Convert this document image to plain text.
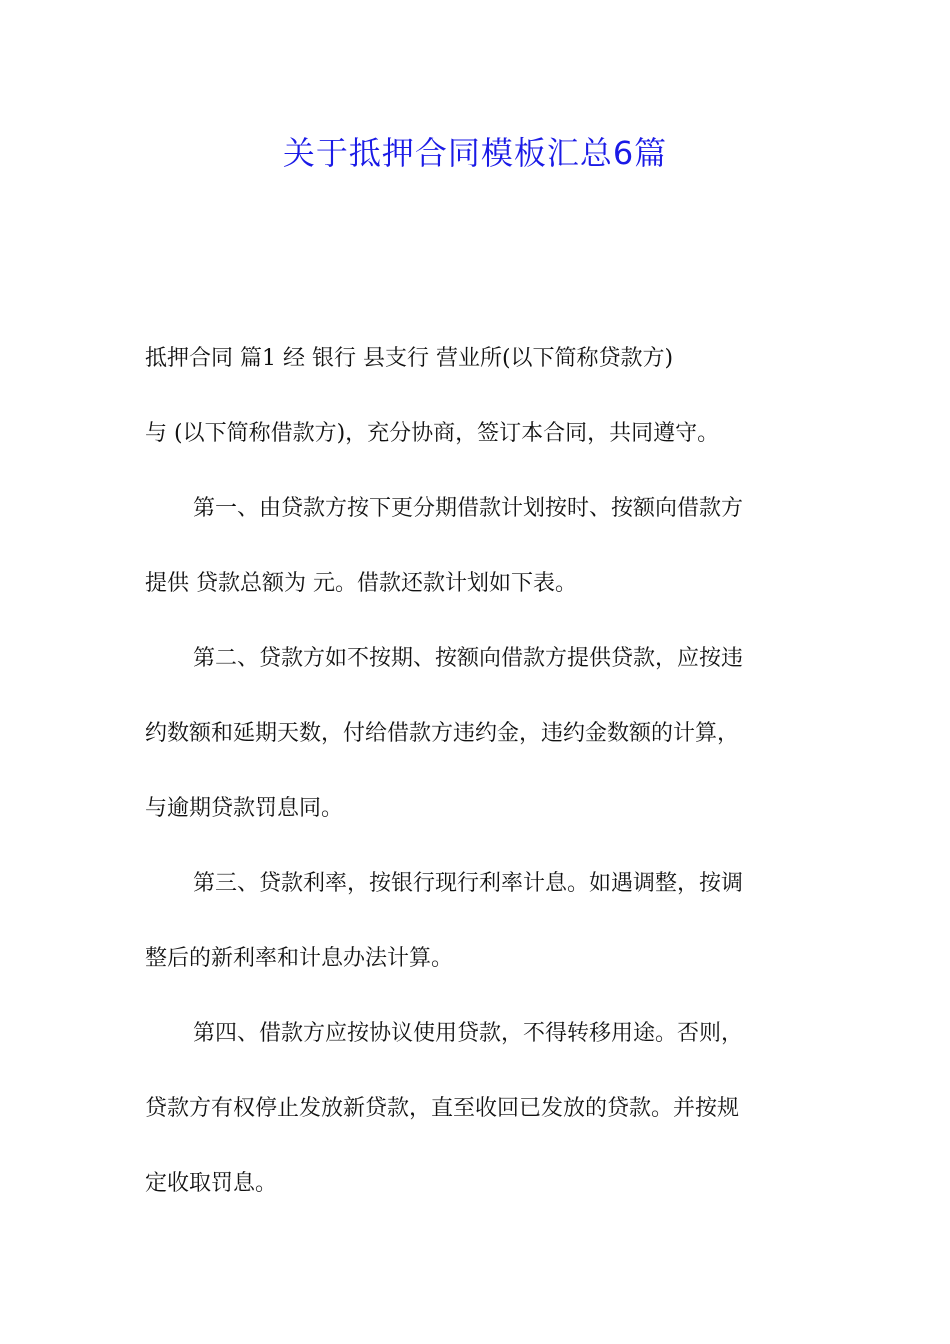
关于抵押合同模板汇总6篇
抵押合同 篇1 经 银行 县支行 营业所(以下简称贷款方)
与 (以下简称借款方)，充分协商，签订本合同，共同遵守。
第一、由贷款方按下更分期借款计划按时、按额向借款方
提供 贷款总额为 元。借款还款计划如下表。
第二、贷款方如不按期、按额向借款方提供贷款，应按违
约数额和延期天数，付给借款方违约金，违约金数额的计算，
与逾期贷款罚息同。
第三、贷款利率，按银行现行利率计息。如遇调整，按调
整后的新利率和计息办法计算。
第四、借款方应按协议使用贷款，不得转移用途。否则，
贷款方有权停止发放新贷款，直至收回已发放的贷款。并按规
定收取罚息。
